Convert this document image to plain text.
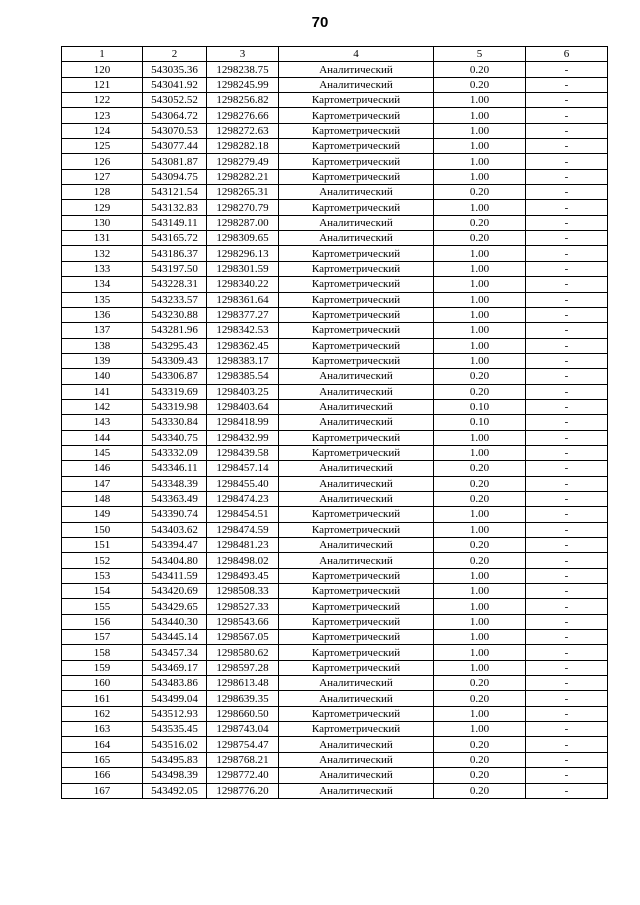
70
1	2	3	4	5	6
120	543035.36	1298238.75	Аналитический	0.20	-
121	543041.92	1298245.99	Аналитический	0.20	-
122	543052.52	1298256.82	Картометрический	1.00	-
123	543064.72	1298276.66	Картометрический	1.00	-
124	543070.53	1298272.63	Картометрический	1.00	-
125	543077.44	1298282.18	Картометрический	1.00	-
126	543081.87	1298279.49	Картометрический	1.00	-
127	543094.75	1298282.21	Картометрический	1.00	-
128	543121.54	1298265.31	Аналитический	0.20	-
129	543132.83	1298270.79	Картометрический	1.00	-
130	543149.11	1298287.00	Аналитический	0.20	-
131	543165.72	1298309.65	Аналитический	0.20	-
132	543186.37	1298296.13	Картометрический	1.00	-
133	543197.50	1298301.59	Картометрический	1.00	-
134	543228.31	1298340.22	Картометрический	1.00	-
135	543233.57	1298361.64	Картометрический	1.00	-
136	543230.88	1298377.27	Картометрический	1.00	-
137	543281.96	1298342.53	Картометрический	1.00	-
138	543295.43	1298362.45	Картометрический	1.00	-
139	543309.43	1298383.17	Картометрический	1.00	-
140	543306.87	1298385.54	Аналитический	0.20	-
141	543319.69	1298403.25	Аналитический	0.20	-
142	543319.98	1298403.64	Аналитический	0.10	-
143	543330.84	1298418.99	Аналитический	0.10	-
144	543340.75	1298432.99	Картометрический	1.00	-
145	543332.09	1298439.58	Картометрический	1.00	-
146	543346.11	1298457.14	Аналитический	0.20	-
147	543348.39	1298455.40	Аналитический	0.20	-
148	543363.49	1298474.23	Аналитический	0.20	-
149	543390.74	1298454.51	Картометрический	1.00	-
150	543403.62	1298474.59	Картометрический	1.00	-
151	543394.47	1298481.23	Аналитический	0.20	-
152	543404.80	1298498.02	Аналитический	0.20	-
153	543411.59	1298493.45	Картометрический	1.00	-
154	543420.69	1298508.33	Картометрический	1.00	-
155	543429.65	1298527.33	Картометрический	1.00	-
156	543440.30	1298543.66	Картометрический	1.00	-
157	543445.14	1298567.05	Картометрический	1.00	-
158	543457.34	1298580.62	Картометрический	1.00	-
159	543469.17	1298597.28	Картометрический	1.00	-
160	543483.86	1298613.48	Аналитический	0.20	-
161	543499.04	1298639.35	Аналитический	0.20	-
162	543512.93	1298660.50	Картометрический	1.00	-
163	543535.45	1298743.04	Картометрический	1.00	-
164	543516.02	1298754.47	Аналитический	0.20	-
165	543495.83	1298768.21	Аналитический	0.20	-
166	543498.39	1298772.40	Аналитический	0.20	-
167	543492.05	1298776.20	Аналитический	0.20	-
